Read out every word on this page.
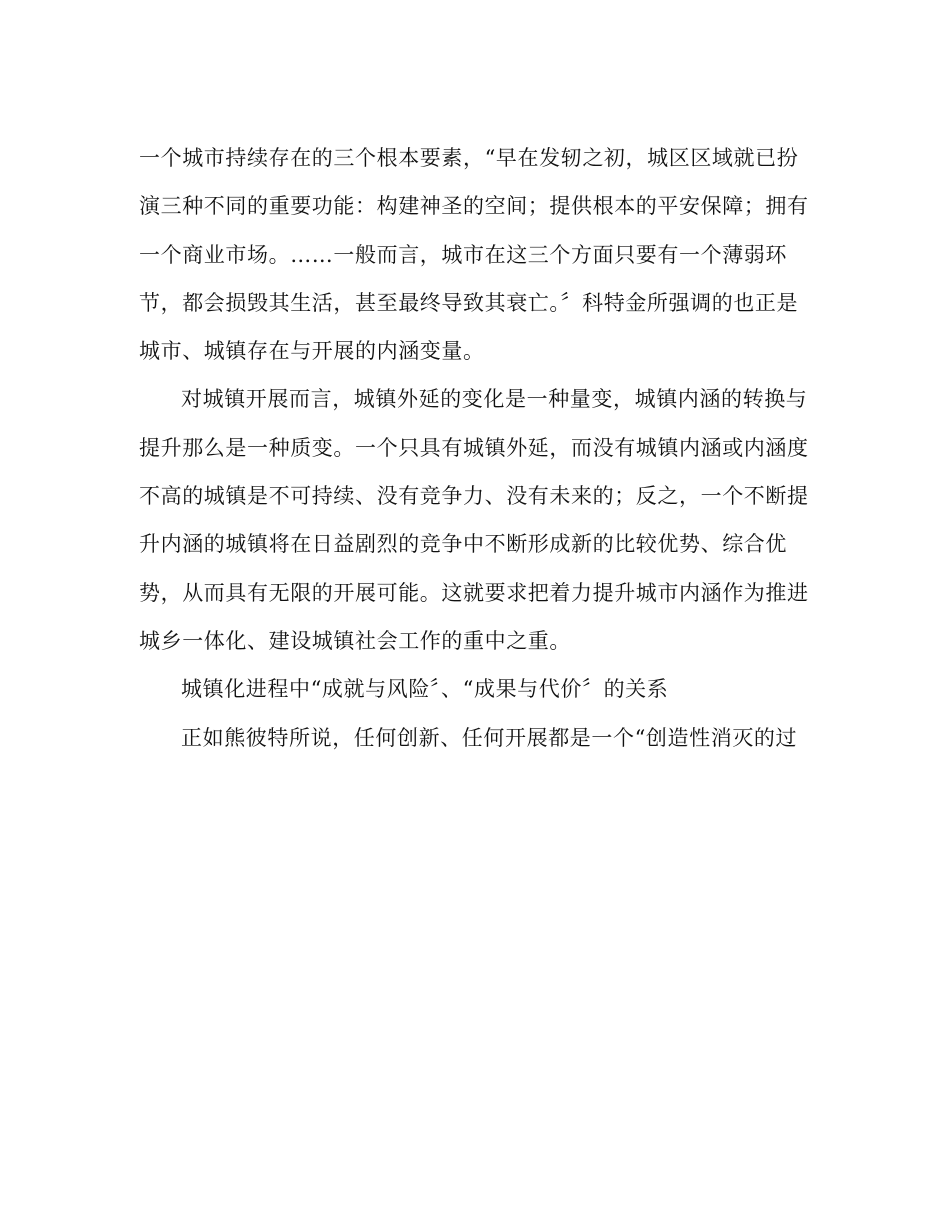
一个城市持续存在的三个根本要素，“早在发轫之初，城区区域就已扮
演三种不同的重要功能：构建神圣的空间；提供根本的平安保障；拥有
一个商业市场。……一般而言，城市在这三个方面只要有一个薄弱环
节，都会损毁其生活，甚至最终导致其衰亡。〞科特金所强调的也正是
城市、城镇存在与开展的内涵变量。
对城镇开展而言，城镇外延的变化是一种量变，城镇内涵的转换与
提升那么是一种质变。一个只具有城镇外延，而没有城镇内涵或内涵度
不高的城镇是不可持续、没有竞争力、没有未来的；反之，一个不断提
升内涵的城镇将在日益剧烈的竞争中不断形成新的比较优势、综合优
势，从而具有无限的开展可能。这就要求把着力提升城市内涵作为推进
城乡一体化、建设城镇社会工作的重中之重。
城镇化进程中“成就与风险〞、“成果与代价〞的关系
正如熊彼特所说，任何创新、任何开展都是一个“创造性消灭的过
